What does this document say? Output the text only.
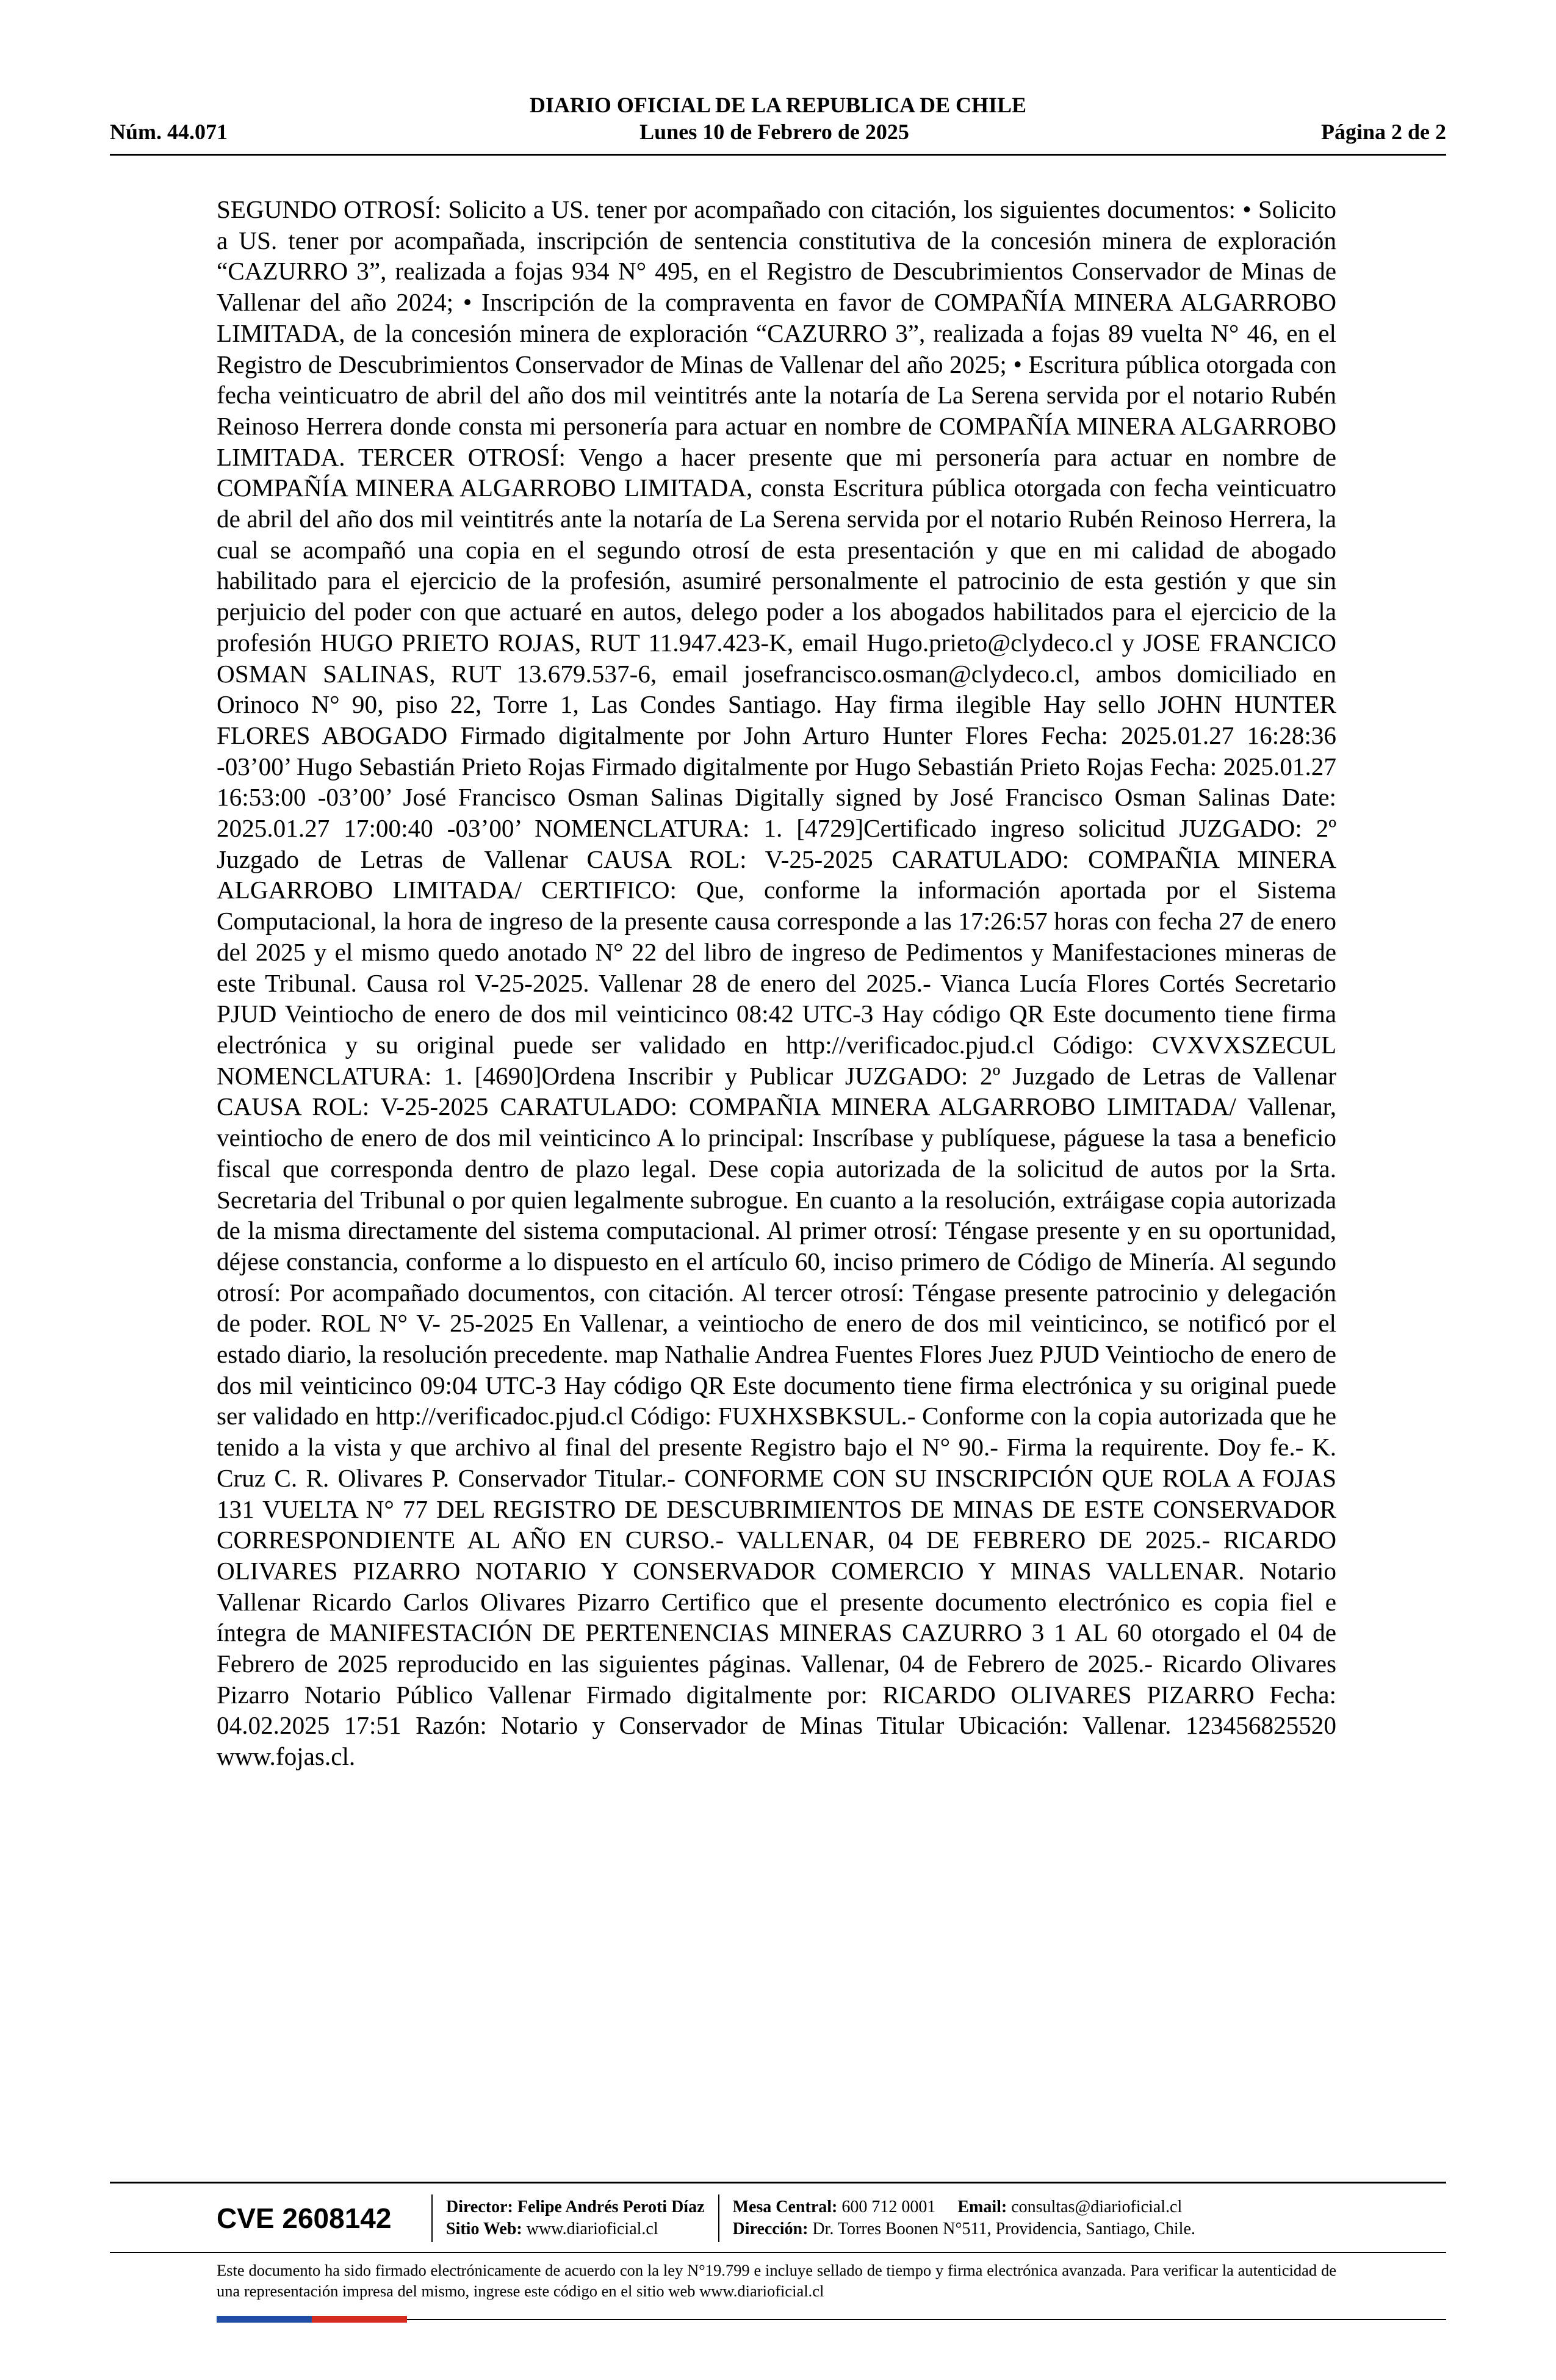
DIARIO OFICIAL DE LA REPUBLICA DE CHILE
Núm. 44.071	Lunes 10 de Febrero de 2025	Página 2 de 2
SEGUNDO OTROSÍ: Solicito a US. tener por acompañado con citación, los siguientes documentos: • Solicito a US. tener por acompañada, inscripción de sentencia constitutiva de la concesión minera de exploración “CAZURRO 3”, realizada a fojas 934 N° 495, en el Registro de Descubrimientos Conservador de Minas de Vallenar del año 2024; • Inscripción de la compraventa en favor de COMPAÑÍA MINERA ALGARROBO LIMITADA, de la concesión minera de exploración “CAZURRO 3”, realizada a fojas 89 vuelta N° 46, en el Registro de Descubrimientos Conservador de Minas de Vallenar del año 2025; • Escritura pública otorgada con fecha veinticuatro de abril del año dos mil veintitrés ante la notaría de La Serena servida por el notario Rubén Reinoso Herrera donde consta mi personería para actuar en nombre de COMPAÑÍA MINERA ALGARROBO LIMITADA. TERCER OTROSÍ: Vengo a hacer presente que mi personería para actuar en nombre de COMPAÑÍA MINERA ALGARROBO LIMITADA, consta Escritura pública otorgada con fecha veinticuatro de abril del año dos mil veintitrés ante la notaría de La Serena servida por el notario Rubén Reinoso Herrera, la cual se acompañó una copia en el segundo otrosí de esta presentación y que en mi calidad de abogado habilitado para el ejercicio de la profesión, asumiré personalmente el patrocinio de esta gestión y que sin perjuicio del poder con que actuaré en autos, delego poder a los abogados habilitados para el ejercicio de la profesión HUGO PRIETO ROJAS, RUT 11.947.423-K, email Hugo.prieto@clydeco.cl y JOSE FRANCICO OSMAN SALINAS, RUT 13.679.537-6, email josefrancisco.osman@clydeco.cl, ambos domiciliado en Orinoco N° 90, piso 22, Torre 1, Las Condes Santiago. Hay firma ilegible Hay sello JOHN HUNTER FLORES ABOGADO Firmado digitalmente por John Arturo Hunter Flores Fecha: 2025.01.27 16:28:36 -03’00’ Hugo Sebastián Prieto Rojas Firmado digitalmente por Hugo Sebastián Prieto Rojas Fecha: 2025.01.27 16:53:00 -03’00’ José Francisco Osman Salinas Digitally signed by José Francisco Osman Salinas Date: 2025.01.27 17:00:40 -03’00’ NOMENCLATURA: 1. [4729]Certificado ingreso solicitud JUZGADO: 2º Juzgado de Letras de Vallenar CAUSA ROL: V-25-2025 CARATULADO: COMPAÑIA MINERA ALGARROBO LIMITADA/ CERTIFICO: Que, conforme la información aportada por el Sistema Computacional, la hora de ingreso de la presente causa corresponde a las 17:26:57 horas con fecha 27 de enero del 2025 y el mismo quedo anotado N° 22 del libro de ingreso de Pedimentos y Manifestaciones mineras de este Tribunal. Causa rol V-25-2025. Vallenar 28 de enero del 2025.- Vianca Lucía Flores Cortés Secretario PJUD Veintiocho de enero de dos mil veinticinco 08:42 UTC-3 Hay código QR Este documento tiene firma electrónica y su original puede ser validado en http://verificadoc.pjud.cl Código: CVXVXSZECUL NOMENCLATURA: 1. [4690]Ordena Inscribir y Publicar JUZGADO: 2º Juzgado de Letras de Vallenar CAUSA ROL: V-25-2025 CARATULADO: COMPAÑIA MINERA ALGARROBO LIMITADA/ Vallenar, veintiocho de enero de dos mil veinticinco A lo principal: Inscríbase y publíquese, páguese la tasa a beneficio fiscal que corresponda dentro de plazo legal. Dese copia autorizada de la solicitud de autos por la Srta. Secretaria del Tribunal o por quien legalmente subrogue. En cuanto a la resolución, extráigase copia autorizada de la misma directamente del sistema computacional. Al primer otrosí: Téngase presente y en su oportunidad, déjese constancia, conforme a lo dispuesto en el artículo 60, inciso primero de Código de Minería. Al segundo otrosí: Por acompañado documentos, con citación. Al tercer otrosí: Téngase presente patrocinio y delegación de poder. ROL N° V- 25-2025 En Vallenar, a veintiocho de enero de dos mil veinticinco, se notificó por el estado diario, la resolución precedente. map Nathalie Andrea Fuentes Flores Juez PJUD Veintiocho de enero de dos mil veinticinco 09:04 UTC-3 Hay código QR Este documento tiene firma electrónica y su original puede ser validado en http://verificadoc.pjud.cl Código: FUXHXSBKSUL.- Conforme con la copia autorizada que he tenido a la vista y que archivo al final del presente Registro bajo el N° 90.- Firma la requirente. Doy fe.- K. Cruz C. R. Olivares P. Conservador Titular.- CONFORME CON SU INSCRIPCIÓN QUE ROLA A FOJAS 131 VUELTA N° 77 DEL REGISTRO DE DESCUBRIMIENTOS DE MINAS DE ESTE CONSERVADOR CORRESPONDIENTE AL AÑO EN CURSO.- VALLENAR, 04 DE FEBRERO DE 2025.- RICARDO OLIVARES PIZARRO NOTARIO Y CONSERVADOR COMERCIO Y MINAS VALLENAR. Notario Vallenar Ricardo Carlos Olivares Pizarro Certifico que el presente documento electrónico es copia fiel e íntegra de MANIFESTACIÓN DE PERTENENCIAS MINERAS CAZURRO 3 1 AL 60 otorgado el 04 de Febrero de 2025 reproducido en las siguientes páginas. Vallenar, 04 de Febrero de 2025.- Ricardo Olivares Pizarro Notario Público Vallenar Firmado digitalmente por: RICARDO OLIVARES PIZARRO Fecha: 04.02.2025 17:51 Razón: Notario y Conservador de Minas Titular Ubicación: Vallenar. 123456825520 www.fojas.cl.
CVE 2608142	Director: Felipe Andrés Peroti Díaz
Sitio Web: www.diarioficial.cl
Mesa Central: 600 712 0001 Email: consultas@diarioficial.cl
Dirección: Dr. Torres Boonen N°511, Providencia, Santiago, Chile.
Este documento ha sido firmado electrónicamente de acuerdo con la ley N°19.799 e incluye sellado de tiempo y firma electrónica avanzada. Para verificar la autenticidad de una representación impresa del mismo, ingrese este código en el sitio web www.diarioficial.cl
